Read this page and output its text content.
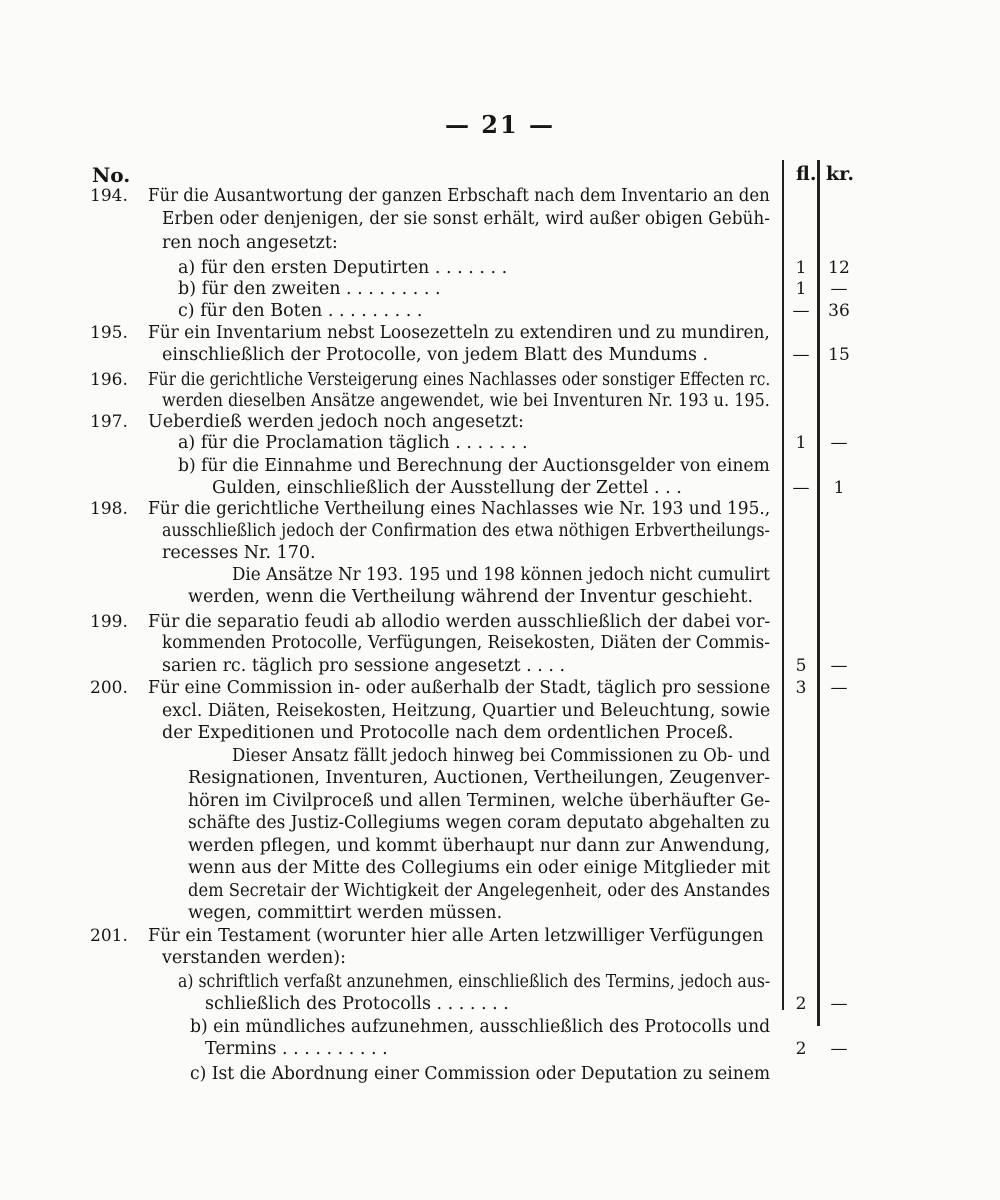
— 21 —
No.	fl. kr.
194.	Für die Ausantwortung der ganzen Erbschaft nach dem Inventario an den
Erben oder denjenigen, der sie sonst erhält, wird außer obigen Gebüh-
ren noch angesetzt:
a) für den ersten Deputirten . . . . . . .	1	12
b) für den zweiten . . . . . . . . .	1	—
c) für den Boten . . . . . . . . .	—	36
195.	Für ein Inventarium nebst Loosezetteln zu extendiren und zu mundiren,
einschließlich der Protocolle, von jedem Blatt des Mundums .	—	15
196.	Für die gerichtliche Versteigerung eines Nachlasses oder sonstiger Effecten rc.
werden dieselben Ansätze angewendet, wie bei Inventuren Nr. 193 u. 195.
197.	Ueberdieß werden jedoch noch angesetzt:
a) für die Proclamation täglich . . . . . . .	1	—
b) für die Einnahme und Berechnung der Auctionsgelder von einem
Gulden, einschließlich der Ausstellung der Zettel . . .	—	1
198.	Für die gerichtliche Vertheilung eines Nachlasses wie Nr. 193 und 195.,
ausschließlich jedoch der Confirmation des etwa nöthigen Erbvertheilungs-
recesses Nr. 170.
Die Ansätze Nr 193. 195 und 198 können jedoch nicht cumulirt
werden, wenn die Vertheilung während der Inventur geschieht.
199.	Für die separatio feudi ab allodio werden ausschließlich der dabei vor-
kommenden Protocolle, Verfügungen, Reisekosten, Diäten der Commis-
sarien rc. täglich pro sessione angesetzt . . . .	5	—
200.	Für eine Commission in- oder außerhalb der Stadt, täglich pro sessione	3	—
excl. Diäten, Reisekosten, Heitzung, Quartier und Beleuchtung, sowie
der Expeditionen und Protocolle nach dem ordentlichen Proceß.
Dieser Ansatz fällt jedoch hinweg bei Commissionen zu Ob- und
Resignationen, Inventuren, Auctionen, Vertheilungen, Zeugenver-
hören im Civilproceß und allen Terminen, welche überhäufter Ge-
schäfte des Justiz-Collegiums wegen coram deputato abgehalten zu
werden pflegen, und kommt überhaupt nur dann zur Anwendung,
wenn aus der Mitte des Collegiums ein oder einige Mitglieder mit
dem Secretair der Wichtigkeit der Angelegenheit, oder des Anstandes
wegen, committirt werden müssen.
201.	Für ein Testament (worunter hier alle Arten letzwilliger Verfügungen
verstanden werden):
a) schriftlich verfaßt anzunehmen, einschließlich des Termins, jedoch aus-
schließlich des Protocolls . . . . . . .	2	—
b) ein mündliches aufzunehmen, ausschließlich des Protocolls und
Termins . . . . . . . . . .	2	—
c) Ist die Abordnung einer Commission oder Deputation zu seinem
